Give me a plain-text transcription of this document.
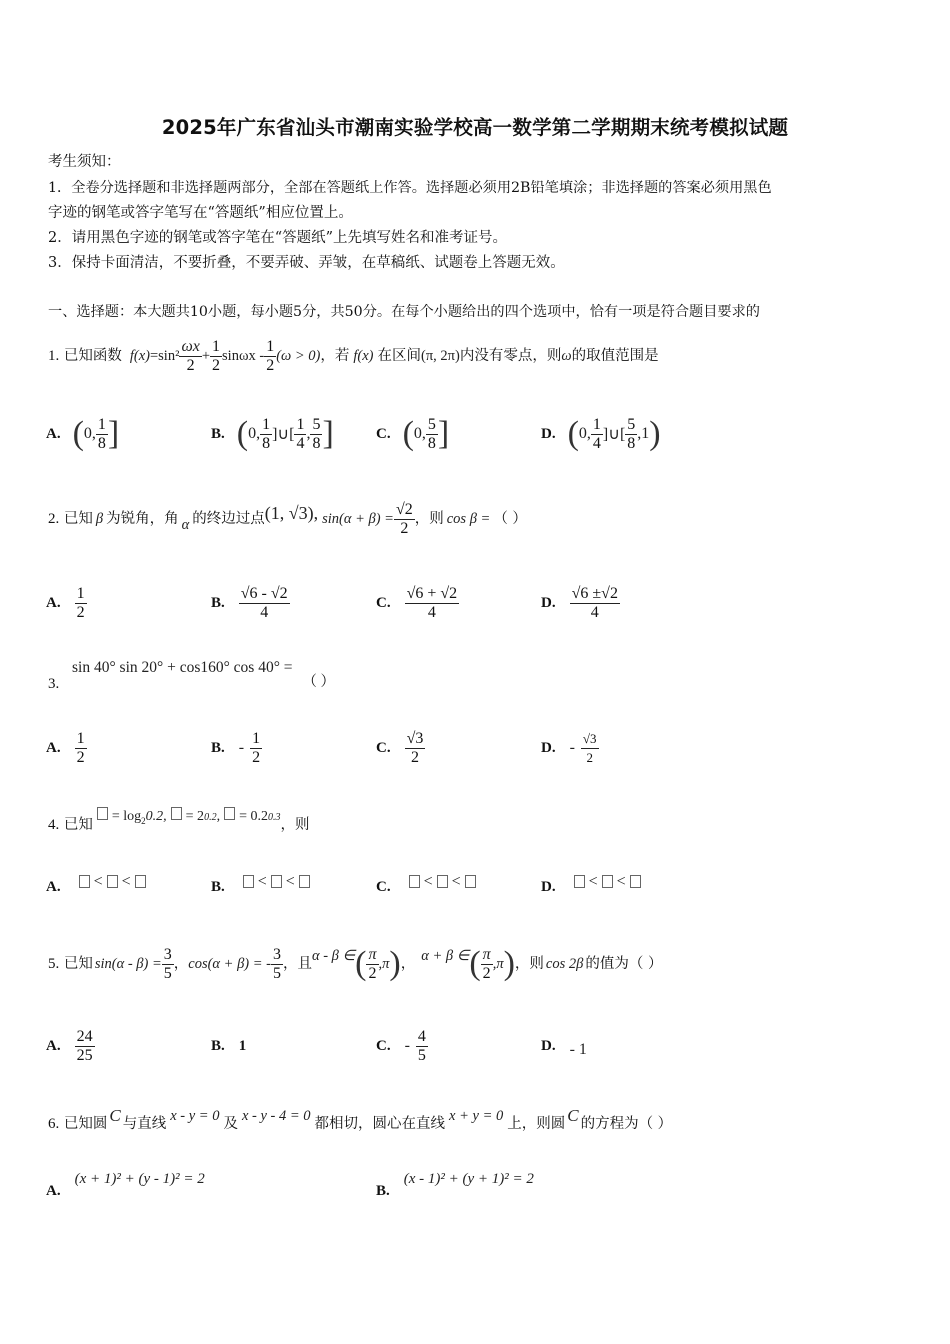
2025年广东省汕头市潮南实验学校高一数学第二学期期末统考模拟试题
考生须知：
1．全卷分选择题和非选择题两部分，全部在答题纸上作答。选择题必须用2B铅笔填涂；非选择题的答案必须用黑色
字迹的钢笔或答字笔写在“答题纸”相应位置上。
2．请用黑色字迹的钢笔或答字笔在“答题纸”上先填写姓名和准考证号。
3．保持卡面清洁，不要折叠，不要弄破、弄皱，在草稿纸、试题卷上答题无效。
一、选择题：本大题共10小题，每小题5分，共50分。在每个小题给出的四个选项中，恰有一项是符合题目要求的
1.
已知函数 $f(x) =\sin^2 \frac{\omega x}{2} + \frac{1}{2}$ $\sin\omega x - \frac{1}{2} (\omega > 0)$ ，若 f(x) 在区间 (π, 2π) 内没有零点，则 ω 的取值范围是
A. ( 0, $\frac{1}{8}$ ]	B. ( 0, $\frac{1}{8}$ ]∪[ $\frac{1}{4}$ , $\frac{5}{8}$ ]	C. ( 0, $\frac{5}{8}$ ]	D. ( 0, $\frac{1}{4}$ ]∪[ $\frac{5}{8} ,1$ )
2.
已知 β 为锐角，角 α 的终边过点 (1, √3), $\sin(\alpha + \beta) = \frac{√2}{2}$ ，则 cos β = （ ）
A. $\frac{1}{2}$	B. $\frac{√6 - √2}{4}$	C. $\frac{√6 + √2}{4}$	D. $\frac{√6 \pm√2}{4}$
sin 40° sin 20° + cos160° cos 40° = （ ）
3.
A. $\frac{1}{2}$	B. - $\frac{1}{2}$	C. $\frac{√3}{2}$	D. - $\frac{√3}{2}$
4.
已知
= log 2 0.2, = 2 0.2 , = 0.2 0.3 ，则
A.	< <	B.	< <	C.	< <	D.	< <
5.
已知 $\sin(\alpha - \beta) = \frac{3}{5}$ ， cos(α + β) = - $\frac{3}{5}$ ，且 α - β ∈ ( $\frac{\pi}{2} ,\pi$ ) ， α + β ∈ ( $\frac{\pi}{2} ,\pi$ ) ，则 cos 2β 的值为（ ）
A. $\frac{24}{25}$	B. 1	C. - $\frac{4}{5}$	D. - 1
6.
已知圆 C 与直线 x - y = 0 及 x - y - 4 = 0 都相切，圆心在直线 x + y = 0 上，则圆 C 的方程为（ ）
A.
(x + 1)² + (y - 1)² = 2
B.
(x - 1)² + (y + 1)² = 2
